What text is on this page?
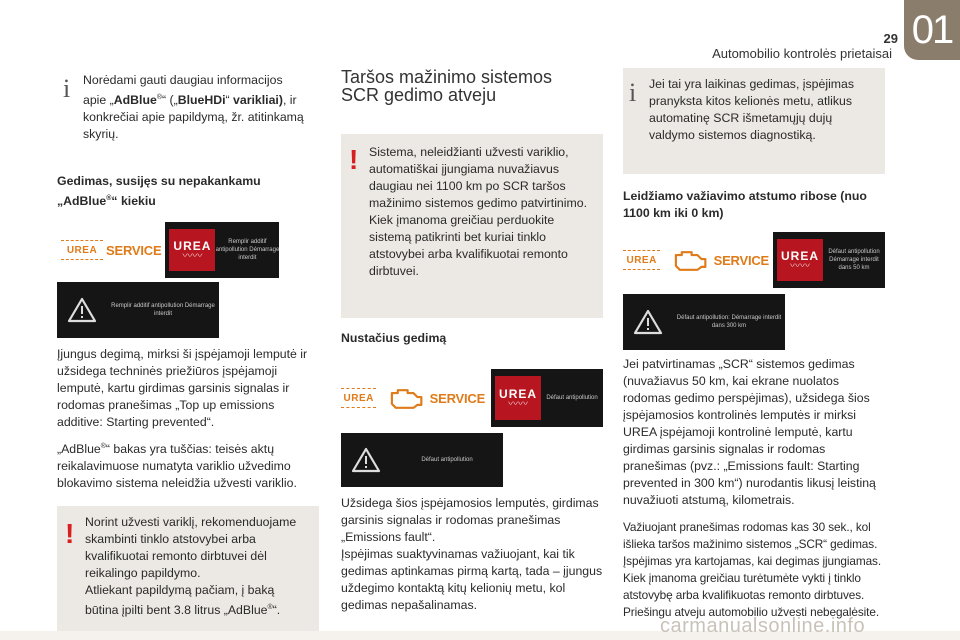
29
Automobilio kontrolės prietaisai
01
i Norėdami gauti daugiau informacijos apie „AdBlue®“ („BlueHDi“ varikliai), ir konkrečiai apie papildymą, žr. atitinkamą skyrių.

Gedimas, susijęs su nepakankamu
„AdBlue®“ kiekiu

UREA SERVICE UREA
〰〰
Remplir additif antipollution Démarrage interdit
Remplir additif antipollution Démarrage interdit

Įjungus degimą, mirksi ši įspėjamoji lemputė ir užsidega techninės priežiūros įspėjamoji lemputė, kartu girdimas garsinis signalas ir rodomas pranešimas „Top up emissions additive: Starting prevented“.

„AdBlue®“ bakas yra tuščias: teisės aktų reikalavimuose numatyta variklio užvedimo blokavimo sistema neleidžia užvesti variklio.

! Norint užvesti variklį, rekomenduojame skambinti tinklo atstovybei arba kvalifikuotai remonto dirbtuvei dėl reikalingo papildymo.

Atliekant papildymą pačiam, į baką būtina įpilti bent 3.8 litrus „AdBlue®“.

Taršos mažinimo sistemos SCR gedimo atveju
! Sistema, neleidžianti užvesti variklio, automatiškai įjungiama nuvažiavus daugiau nei 1100 km po SCR taršos mažinimo sistemos gedimo patvirtinimo. Kiek įmanoma greičiau perduokite sistemą patikrinti bet kuriai tinklo atstovybei arba kvalifikuotai remonto dirbtuvei.

Nustačius gedimą

UREA	SERVICE UREA
〰〰
Défaut antipollution
Défaut antipollution

Užsidega šios įspėjamosios lemputės, girdimas garsinis signalas ir rodomas pranešimas „Emissions fault“.

Įspėjimas suaktyvinamas važiuojant, kai tik gedimas aptinkamas pirmą kartą, tada – įjungus uždegimo kontaktą kitų kelionių metu, kol gedimas nepašalinamas.

i Jei tai yra laikinas gedimas, įspėjimas pranyksta kitos kelionės metu, atlikus automatinę SCR išmetamųjų dujų valdymo sistemos diagnostiką.

Leidžiamo važiavimo atstumo ribose (nuo 1100 km iki 0 km)

UREA	SERVICE UREA
〰〰
Défaut antipollution Démarrage interdit dans 50 km
Défaut antipollution: Démarrage interdit dans 300 km

Jei patvirtinamas „SCR“ sistemos gedimas (nuvažiavus 50 km, kai ekrane nuolatos rodomas gedimo perspėjimas), užsidega šios įspėjamosios kontrolinės lemputės ir mirksi UREA įspėjamoji kontrolinė lemputė, kartu girdimas garsinis signalas ir rodomas pranešimas (pvz.: „Emissions fault: Starting prevented in 300 km“) nurodantis likusį leistiną nuvažiuoti atstumą, kilometrais.

Važiuojant pranešimas rodomas kas 30 sek., kol išlieka taršos mažinimo sistemos „SCR“ gedimas. Įspėjimas yra kartojamas, kai degimas įjungiamas. Kiek įmanoma greičiau turėtumėte vykti į tinklo atstovybę arba kvalifikuotas remonto dirbtuves. Priešingu atveju automobilio užvesti nebegalėsite.

carmanualsonline.info
